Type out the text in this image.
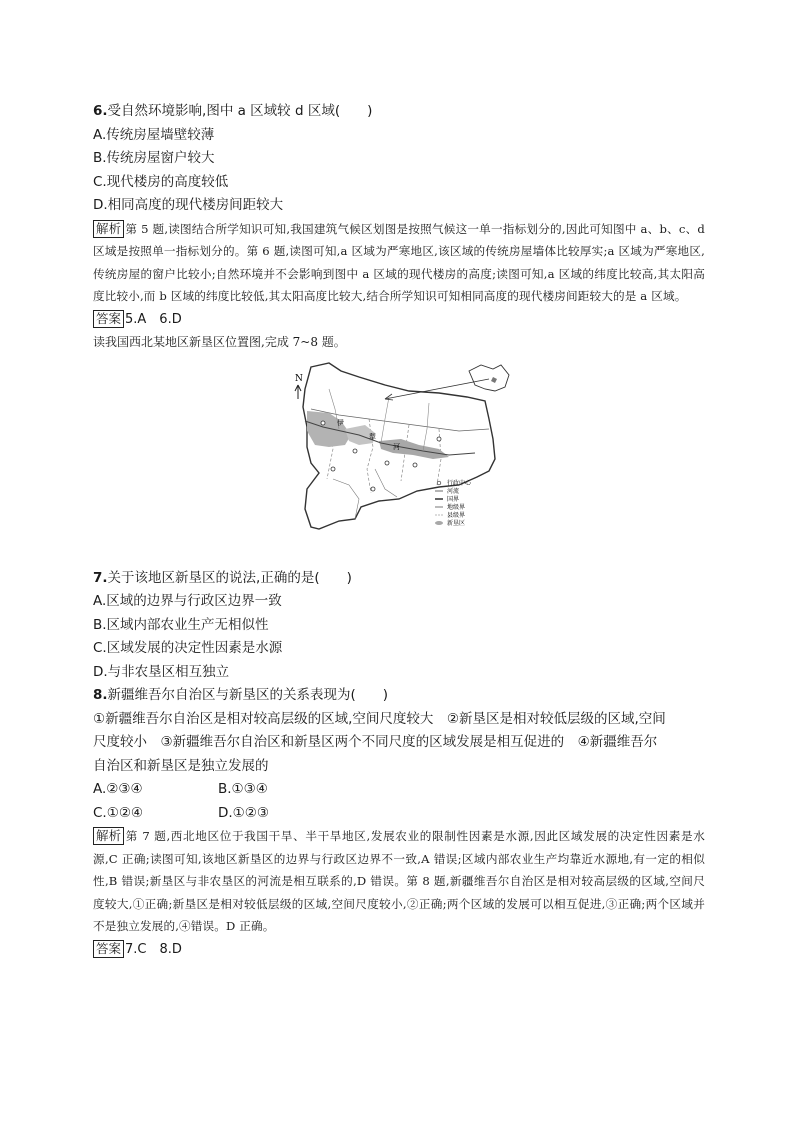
6.受自然环境影响,图中 a 区域较 d 区域(　　)
A.传统房屋墙壁较薄
B.传统房屋窗户较大
C.现代楼房的高度较低
D.相同高度的现代楼房间距较大
解析 第 5 题,读图结合所学知识可知,我国建筑气候区划图是按照气候这一单一指标划分的,因此可知图中 a、b、c、d 区域是按照单一指标划分的。第 6 题,读图可知,a 区域为严寒地区,该区域的传统房屋墙体比较厚实;a 区域为严寒地区,传统房屋的窗户比较小;自然环境并不会影响到图中 a 区域的现代楼房的高度;读图可知,a 区域的纬度比较高,其太阳高度比较小,而 b 区域的纬度比较低,其太阳高度比较大,结合所学知识可知相同高度的现代楼房间距较大的是 a 区域。
答案 5.A　6.D
读我国西北某地区新垦区位置图,完成 7~8 题。
N
伊
犁
河
行政中心
河流
国界
地级界
县级界
新垦区
7.关于该地区新垦区的说法,正确的是(　　)
A.区域的边界与行政区边界一致
B.区域内部农业生产无相似性
C.区域发展的决定性因素是水源
D.与非农垦区相互独立
8.新疆维吾尔自治区与新垦区的关系表现为(　　)
①新疆维吾尔自治区是相对较高层级的区域,空间尺度较大　②新垦区是相对较低层级的区域,空间
尺度较小　③新疆维吾尔自治区和新垦区两个不同尺度的区域发展是相互促进的　④新疆维吾尔
自治区和新垦区是独立发展的
A.②③④	B.①③④
C.①②④	D.①②③
解析 第 7 题,西北地区位于我国干旱、半干旱地区,发展农业的限制性因素是水源,因此区域发展的决定性因素是水源,C 正确;读图可知,该地区新垦区的边界与行政区边界不一致,A 错误;区域内部农业生产均靠近水源地,有一定的相似性,B 错误;新垦区与非农垦区的河流是相互联系的,D 错误。第 8 题,新疆维吾尔自治区是相对较高层级的区域,空间尺度较大,①正确;新垦区是相对较低层级的区域,空间尺度较小,②正确;两个区域的发展可以相互促进,③正确;两个区域并不是独立发展的,④错误。D 正确。
答案 7.C　8.D
